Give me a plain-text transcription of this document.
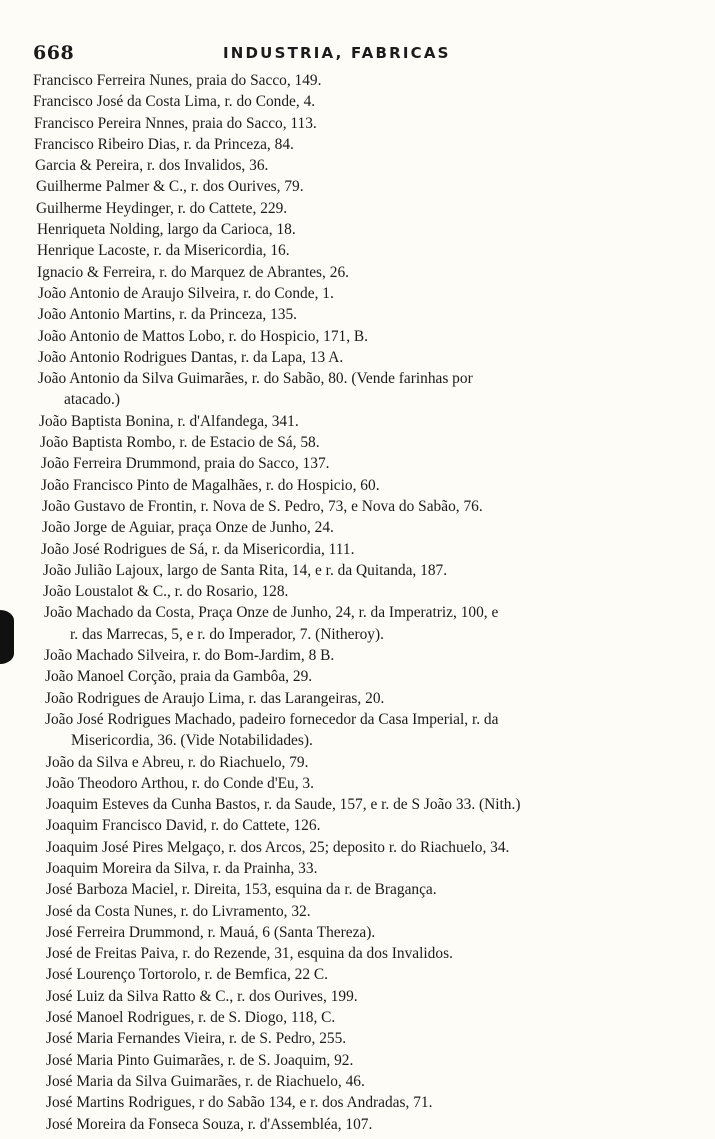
668	INDUSTRIA, FABRICAS
Francisco Ferreira Nunes, praia do Sacco, 149.
Francisco José da Costa Lima, r. do Conde, 4.
Francisco Pereira Nnnes, praia do Sacco, 113.
Francisco Ribeiro Dias, r. da Princeza, 84.
Garcia & Pereira, r. dos Invalidos, 36.
Guilherme Palmer & C., r. dos Ourives, 79.
Guilherme Heydinger, r. do Cattete, 229.
Henriqueta Nolding, largo da Carioca, 18.
Henrique Lacoste, r. da Misericordia, 16.
Ignacio & Ferreira, r. do Marquez de Abrantes, 26.
João Antonio de Araujo Silveira, r. do Conde, 1.
João Antonio Martins, r. da Princeza, 135.
João Antonio de Mattos Lobo, r. do Hospicio, 171, B.
João Antonio Rodrigues Dantas, r. da Lapa, 13 A.
João Antonio da Silva Guimarães, r. do Sabão, 80. (Vende farinhas por
atacado.)
João Baptista Bonina, r. d'Alfandega, 341.
João Baptista Rombo, r. de Estacio de Sá, 58.
João Ferreira Drummond, praia do Sacco, 137.
João Francisco Pinto de Magalhães, r. do Hospicio, 60.
João Gustavo de Frontin, r. Nova de S. Pedro, 73, e Nova do Sabão, 76.
João Jorge de Aguiar, praça Onze de Junho, 24.
João José Rodrigues de Sá, r. da Misericordia, 111.
João Julião Lajoux, largo de Santa Rita, 14, e r. da Quitanda, 187.
João Loustalot & C., r. do Rosario, 128.
João Machado da Costa, Praça Onze de Junho, 24, r. da Imperatriz, 100, e
r. das Marrecas, 5, e r. do Imperador, 7. (Nitheroy).
João Machado Silveira, r. do Bom-Jardim, 8 B.
João Manoel Corção, praia da Gambôa, 29.
João Rodrigues de Araujo Lima, r. das Larangeiras, 20.
João José Rodrigues Machado, padeiro fornecedor da Casa Imperial, r. da
Misericordia, 36. (Vide Notabilidades).
João da Silva e Abreu, r. do Riachuelo, 79.
João Theodoro Arthou, r. do Conde d'Eu, 3.
Joaquim Esteves da Cunha Bastos, r. da Saude, 157, e r. de S João 33. (Nith.)
Joaquim Francisco David, r. do Cattete, 126.
Joaquim José Pires Melgaço, r. dos Arcos, 25; deposito r. do Riachuelo, 34.
Joaquim Moreira da Silva, r. da Prainha, 33.
José Barboza Maciel, r. Direita, 153, esquina da r. de Bragança.
José da Costa Nunes, r. do Livramento, 32.
José Ferreira Drummond, r. Mauá, 6 (Santa Thereza).
José de Freitas Paiva, r. do Rezende, 31, esquina da dos Invalidos.
José Lourenço Tortorolo, r. de Bemfica, 22 C.
José Luiz da Silva Ratto & C., r. dos Ourives, 199.
José Manoel Rodrigues, r. de S. Diogo, 118, C.
José Maria Fernandes Vieira, r. de S. Pedro, 255.
José Maria Pinto Guimarães, r. de S. Joaquim, 92.
José Maria da Silva Guimarães, r. de Riachuelo, 46.
José Martins Rodrigues, r do Sabão 134, e r. dos Andradas, 71.
José Moreira da Fonseca Souza, r. d'Assembléa, 107.
